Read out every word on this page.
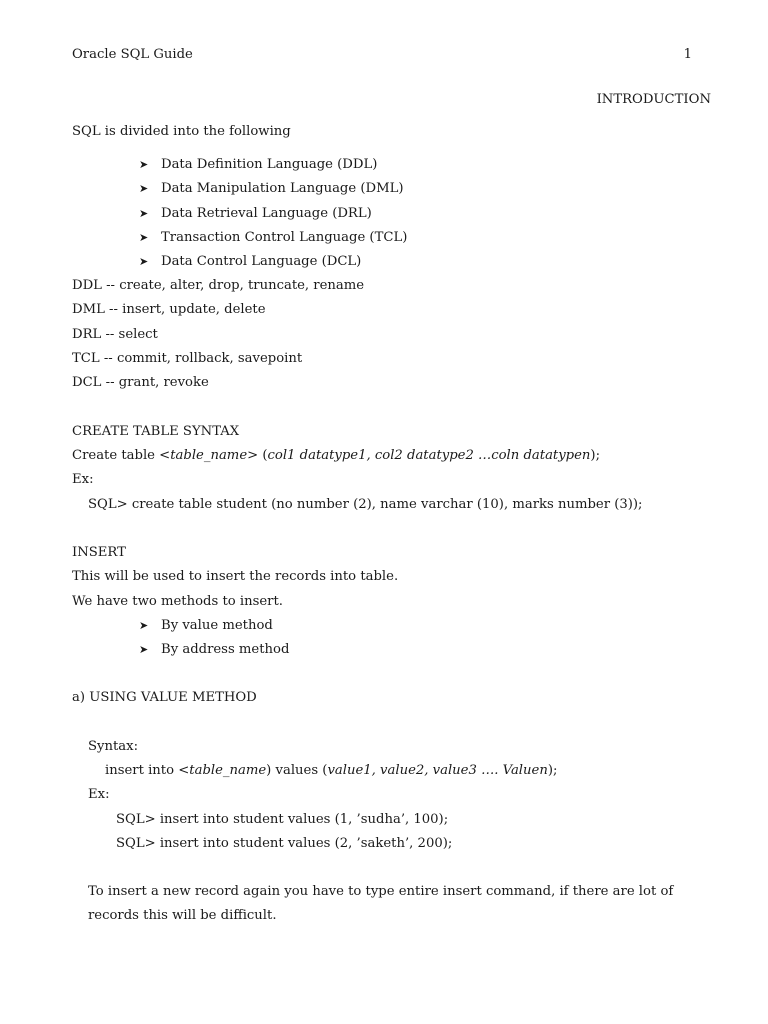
Oracle SQL Guide	1
INTRODUCTION
SQL is divided into the following
➤ Data Definition Language (DDL)
➤ Data Manipulation Language (DML)
➤ Data Retrieval Language (DRL)
➤ Transaction Control Language (TCL)
➤ Data Control Language (DCL)
DDL -- create, alter, drop, truncate, rename
DML -- insert, update, delete
DRL -- select
TCL -- commit, rollback, savepoint
DCL -- grant, revoke
CREATE TABLE SYNTAX
Create table <table_name> (col1 datatype1, col2 datatype2 …coln datatypen);
Ex:
SQL> create table student (no number (2), name varchar (10), marks number (3));
INSERT
This will be used to insert the records into table.
We have two methods to insert.
➤ By value method
➤ By address method
a) USING VALUE METHOD
Syntax:
insert into <table_name) values (value1, value2, value3 …. Valuen);
Ex:
SQL> insert into student values (1, ’sudha’, 100);
SQL> insert into student values (2, ’saketh’, 200);
To insert a new record again you have to type entire insert command, if there are lot of
records this will be difficult.
